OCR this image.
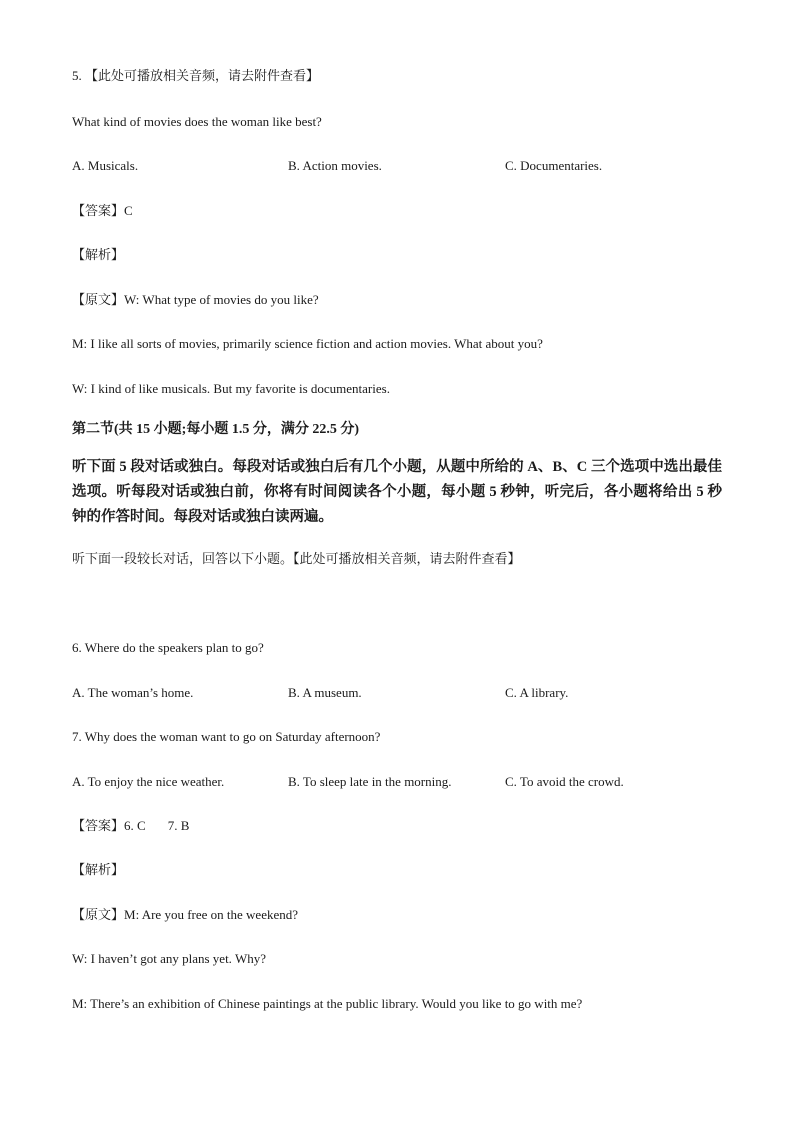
5. 【此处可播放相关音频，请去附件查看】
What kind of movies does the woman like best?
A. Musicals.	B. Action movies.	C. Documentaries.
【答案】C
【解析】
【原文】W: What type of movies do you like?
M: I like all sorts of movies, primarily science fiction and action movies. What about you?
W: I kind of like musicals. But my favorite is documentaries.
第二节(共 15 小题;每小题 1.5 分，满分 22.5 分)
听下面 5 段对话或独白。每段对话或独白后有几个小题，从题中所给的 A、B、C 三个选项中选出最佳选项。听每段对话或独白前，你将有时间阅读各个小题，每小题 5 秒钟，听完后，各小题将给出 5 秒钟的作答时间。每段对话或独白读两遍。
听下面一段较长对话，回答以下小题。【此处可播放相关音频，请去附件查看】
6. Where do the speakers plan to go?
A. The woman’s home.	B. A museum.	C. A library.
7. Why does the woman want to go on Saturday afternoon?
A. To enjoy the nice weather.	B. To sleep late in the morning.	C. To avoid the crowd.
【答案】6. C 7. B
【解析】
【原文】M: Are you free on the weekend?
W: I haven’t got any plans yet. Why?
M: There’s an exhibition of Chinese paintings at the public library. Would you like to go with me?
